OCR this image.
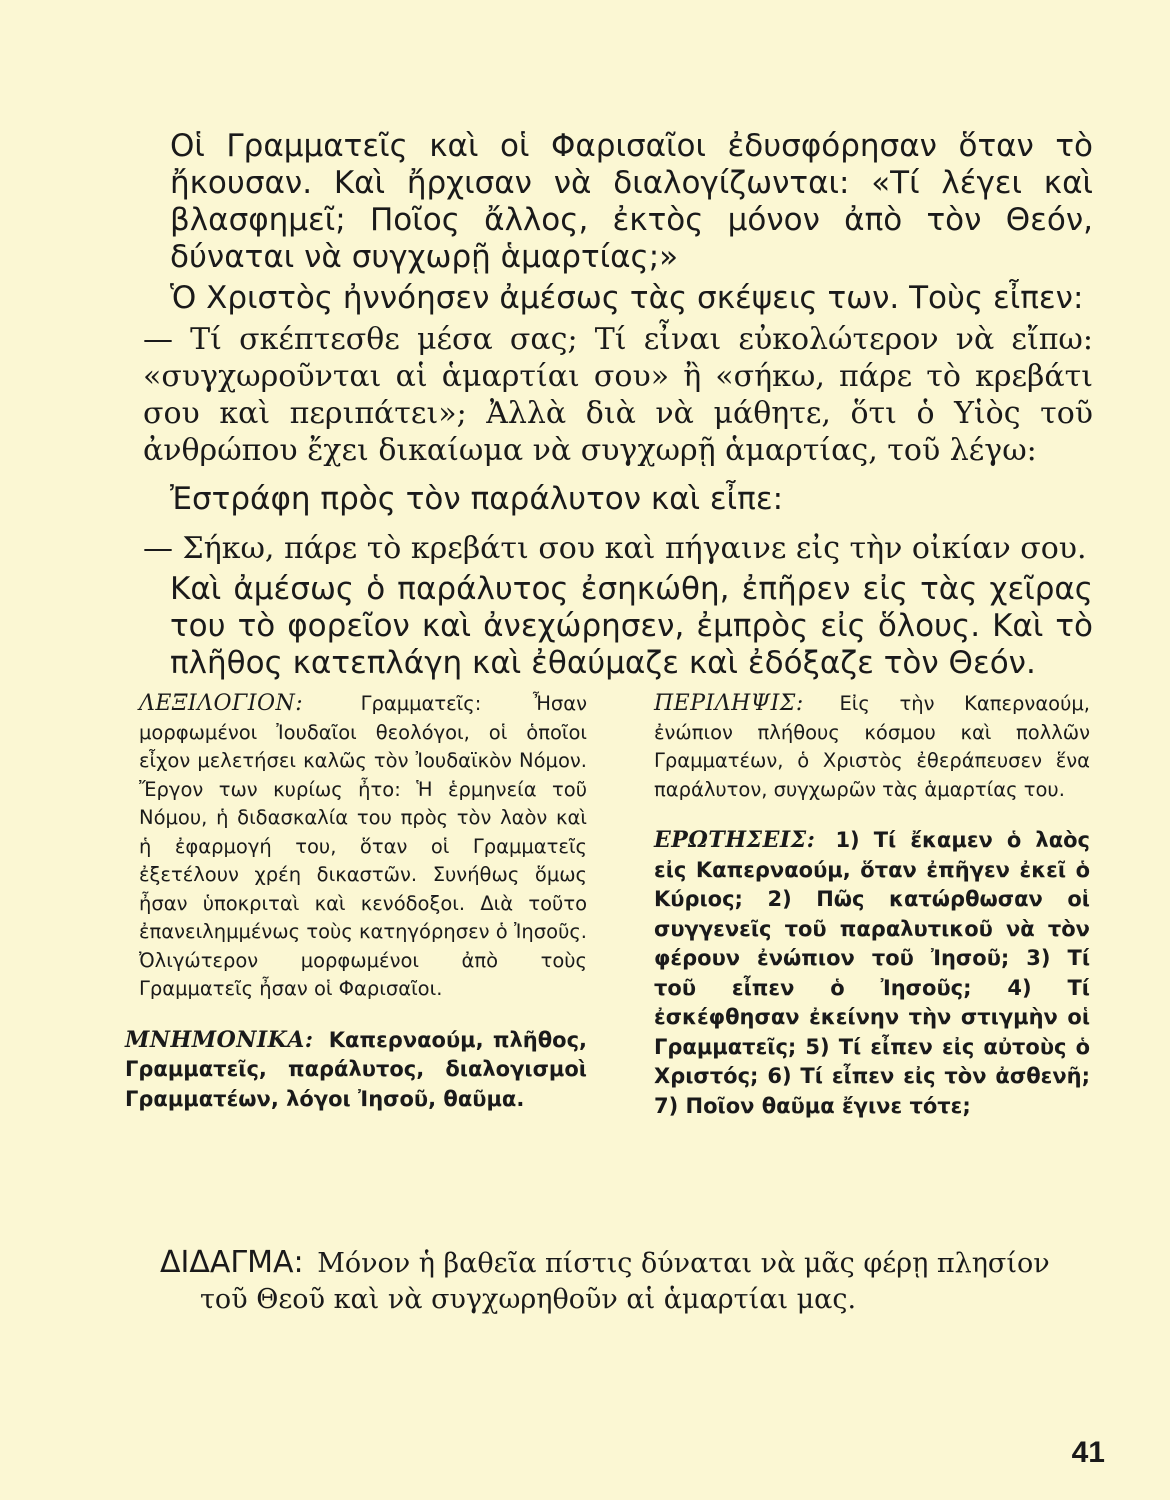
Οἱ Γραμματεῖς καὶ οἱ Φαρισαῖοι ἐδυσφόρησαν ὅταν τὸ ἤκουσαν. Καὶ ἤρχισαν νὰ διαλογίζωνται: «Τί λέγει καὶ βλασφημεῖ; Ποῖος ἄλλος, ἐκτὸς μόνον ἀπὸ τὸν Θεόν, δύναται νὰ συγχωρῇ ἁμαρτίας;»

Ὁ Χριστὸς ἠννόησεν ἀμέσως τὰς σκέψεις των. Τοὺς εἶπεν:

— Τί σκέπτεσθε μέσα σας; Τί εἶναι εὐκολώτερον νὰ εἴπω: «συγχωροῦνται αἱ ἁμαρτίαι σου» ἢ «σήκω, πάρε τὸ κρεβάτι σου καὶ περιπάτει»; Ἀλλὰ διὰ νὰ μάθητε, ὅτι ὁ Υἱὸς τοῦ ἀνθρώπου ἔχει δικαίωμα νὰ συγχωρῇ ἁμαρτίας, τοῦ λέγω:

Ἐστράφη πρὸς τὸν παράλυτον καὶ εἶπε:

— Σήκω, πάρε τὸ κρεβάτι σου καὶ πήγαινε εἰς τὴν οἰκίαν σου.

Καὶ ἀμέσως ὁ παράλυτος ἐσηκώθη, ἐπῆρεν εἰς τὰς χεῖρας του τὸ φορεῖον καὶ ἀνεχώρησεν, ἐμπρὸς εἰς ὅλους. Καὶ τὸ πλῆθος κατεπλάγη καὶ ἐθαύμαζε καὶ ἐδόξαζε τὸν Θεόν.

ΛΕΞΙΛΟΓΙΟΝ:	Γραμματεῖς: Ἦσαν μορφωμένοι Ἰουδαῖοι θεολόγοι, οἱ ὁποῖοι εἶχον μελετήσει καλῶς τὸν Ἰουδαϊκὸν Νόμον. Ἔργον των κυρίως ἦτο: Ἡ ἑρμηνεία τοῦ Νόμου, ἡ διδασκαλία του πρὸς τὸν λαὸν καὶ ἡ ἐφαρμογή του, ὅταν οἱ Γραμματεῖς ἐξετέλουν χρέη δικαστῶν. Συνήθως ὅμως ἦσαν ὑποκριταὶ καὶ κενόδοξοι. Διὰ τοῦτο ἐπανειλημμένως τοὺς κατηγόρησεν ὁ Ἰησοῦς. Ὀλιγώτερον μορφωμένοι ἀπὸ τοὺς Γραμματεῖς ἦσαν οἱ Φαρισαῖοι.

ΜΝΗΜΟΝΙΚΑ: Καπερναούμ, πλῆθος, Γραμματεῖς, παράλυτος, διαλογισμοὶ Γραμματέων, λόγοι Ἰησοῦ, θαῦμα.

ΠΕΡΙΛΗΨΙΣ: Εἰς τὴν Καπερναούμ, ἐνώπιον πλήθους κόσμου καὶ πολλῶν Γραμματέων, ὁ Χριστὸς ἐθεράπευσεν ἕνα παράλυτον, συγχωρῶν τὰς ἁμαρτίας του.

ΕΡΩΤΗΣΕΙΣ: 1) Τί ἔκαμεν ὁ λαὸς εἰς Καπερναούμ, ὅταν ἐπῆγεν ἐκεῖ ὁ Κύριος; 2) Πῶς κατώρθωσαν οἱ συγγενεῖς τοῦ παραλυτικοῦ νὰ τὸν φέρουν ἐνώπιον τοῦ Ἰησοῦ; 3) Τί τοῦ εἶπεν ὁ Ἰησοῦς; 4) Τί ἐσκέφθησαν ἐκείνην τὴν στιγμὴν οἱ Γραμματεῖς; 5) Τί εἶπεν εἰς αὐτοὺς ὁ Χριστός; 6) Τί εἶπεν εἰς τὸν ἀσθενῆ; 7) Ποῖον θαῦμα ἔγινε τότε;

ΔΙΔΑΓΜΑ: Μόνον ἡ βαθεῖα πίστις δύναται νὰ μᾶς φέρῃ πλησίον
τοῦ Θεοῦ καὶ νὰ συγχωρηθοῦν αἱ ἁμαρτίαι μας.
41
